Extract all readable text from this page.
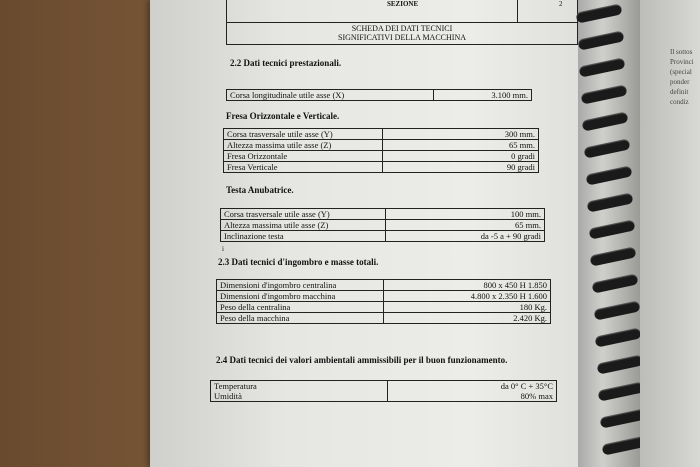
SEZIONE	2
SCHEDA DEI DATI TECNICI
SIGNIFICATIVI DELLA MACCHINA
2.2 Dati tecnici prestazionali.
Corsa longitudinale utile asse (X)	3.100 mm.
Fresa Orizzontale e Verticale.
Corsa trasversale utile asse (Y)	300 mm.
Altezza massima utile asse (Z)	65 mm.
Fresa Orizzontale	0 gradi
Fresa Verticale	90 gradi
Testa Anubatrice.
Corsa trasversale utile asse (Y)	100 mm.
Altezza massima utile asse (Z)	65 mm.
Inclinazione testa	da -5 a + 90 gradi
i
2.3 Dati tecnici d'ingombro e masse totali.
Dimensioni d'ingombro centralina	800 x 450 H 1.850
Dimensioni d'ingombro macchina	4.800 x 2.350 H 1.600
Peso della centralina	180 Kg.
Peso della macchina	2.420 Kg.
2.4 Dati tecnici dei valori ambientali ammissibili per il buon funzionamento.
Temperatura	da 0° C + 35°C
Umidità	80% max
Il sottos
Provinci
(special
ponder
definit
condiz
